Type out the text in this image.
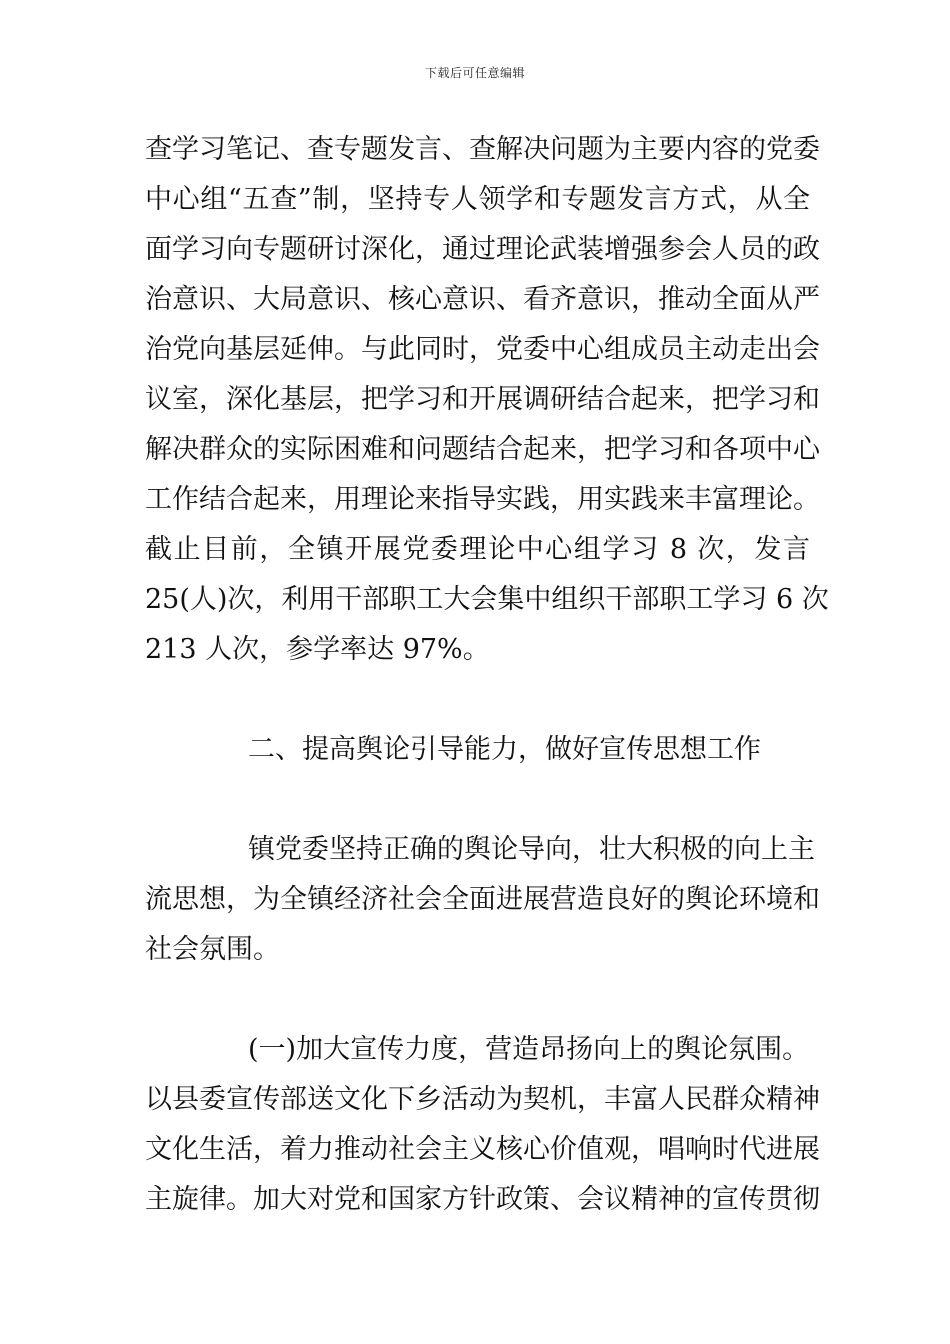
下载后可任意编辑
查学习笔记、查专题发言、查解决问题为主要内容的党委
中心组“五查”制，坚持专人领学和专题发言方式，从全
面学习向专题研讨深化，通过理论武装增强参会人员的政
治意识、大局意识、核心意识、看齐意识，推动全面从严
治党向基层延伸。与此同时，党委中心组成员主动走出会
议室，深化基层，把学习和开展调研结合起来，把学习和
解决群众的实际困难和问题结合起来，把学习和各项中心
工作结合起来，用理论来指导实践，用实践来丰富理论。
截止目前，全镇开展党委理论中心组学习 8 次，发言
25(人)次，利用干部职工大会集中组织干部职工学习 6 次
213 人次，参学率达 97%。
二、提高舆论引导能力，做好宣传思想工作
镇党委坚持正确的舆论导向，壮大积极的向上主
流思想，为全镇经济社会全面进展营造良好的舆论环境和
社会氛围。
(一)加大宣传力度，营造昂扬向上的舆论氛围。
以县委宣传部送文化下乡活动为契机，丰富人民群众精神
文化生活，着力推动社会主义核心价值观，唱响时代进展
主旋律。加大对党和国家方针政策、会议精神的宣传贯彻
